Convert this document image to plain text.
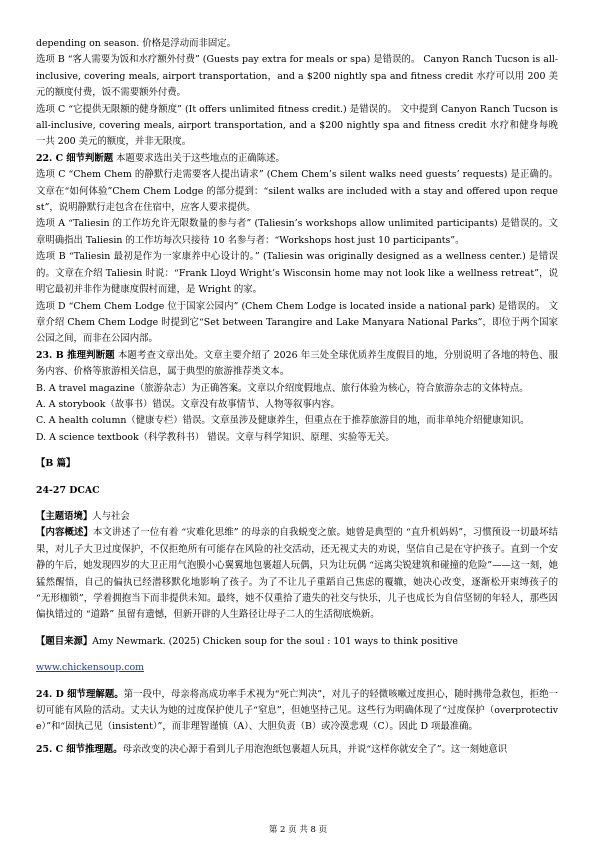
depending on season. 价格是浮动而非固定。

选项 B “客人需要为饭和水疗额外付费” (Guests pay extra for meals or spa) 是错误的。 Canyon Ranch Tucson is all-inclusive, covering meals, airport transportation，and a $200 nightly spa and fitness credit 水疗可以用 200 美元的额度付费，饭不需要额外付费。

选项 C “它提供无限额的健身额度” (It offers unlimited fitness credit.) 是错误的。 文中提到 Canyon Ranch Tucson is all-inclusive, covering meals, airport transportation, and a $200 nightly spa and fitness credit 水疗和健身每晚一共 200 美元的额度，并非无限度。

22. C 细节判断题 本题要求选出关于这些地点的正确陈述。

选项 C “Chem Chem 的静默行走需要客人提出请求” (Chem Chem’s silent walks need guests’ requests) 是正确的。 文章在“如何体验”Chem Chem Lodge 的部分提到：“silent walks are included with a stay and offered upon request”，说明静默行走包含在住宿中，应客人要求提供。

选项 A “Taliesin 的工作坊允许无限数量的参与者” (Taliesin’s workshops allow unlimited participants) 是错误的。文章明确指出 Taliesin 的工作坊每次只接待 10 名参与者：“Workshops host just 10 participants”。

选项 B “Taliesin 最初是作为一家康养中心设计的。” (Taliesin was originally designed as a wellness center.) 是错误的。文章在介绍 Taliesin 时说：“Frank Lloyd Wright’s Wisconsin home may not look like a wellness retreat”，说明它最初并非作为健康度假村而建，是 Wright 的家。

选项 D “Chem Chem Lodge 位于国家公园内” (Chem Chem Lodge is located inside a national park) 是错误的。 文章介绍 Chem Chem Lodge 时提到它“Set between Tarangire and Lake Manyara National Parks”，即位于两个国家公园之间，而非在公园内部。

23. B 推理判断题 本题考查文章出处。文章主要介绍了 2026 年三处全球优质养生度假目的地，分别说明了各地的特色、服务内容、价格等旅游相关信息，属于典型的旅游推荐类文本。

B. A travel magazine（旅游杂志）为正确答案。文章以介绍度假地点、旅行体验为核心，符合旅游杂志的文体特点。

A. A storybook（故事书）错误。文章没有故事情节、人物等叙事内容。

C. A health column（健康专栏）错误。文章虽涉及健康养生，但重点在于推荐旅游目的地，而非单纯介绍健康知识。

D. A science textbook（科学教科书） 错误。文章与科学知识、原理、实验等无关。

【B 篇】

24-27 DCAC

【主题语境】人与社会

【内容概述】本文讲述了一位有着 “灾难化思维” 的母亲的自我蜕变之旅。她曾是典型的 “直升机妈妈”，习惯预设一切最坏结果，对儿子大卫过度保护，不仅拒绝所有可能存在风险的社交活动，还无视丈夫的劝说，坚信自己是在守护孩子。直到一个安静的午后，她发现四岁的大卫正用气泡膜小心翼翼地包裹超人玩偶，只为让玩偶 “远离尖锐建筑和碰撞的危险”——这一刻，她猛然醒悟，自己的偏执已经潜移默化地影响了孩子。为了不让儿子重蹈自己焦虑的覆辙，她决心改变，逐渐松开束缚孩子的 “无形枷锁”，学着拥抱当下而非提供未知。最终，她不仅重拾了遗失的社交与快乐，儿子也成长为自信坚韧的年轻人，那些因偏执错过的 “道路” 虽留有遗憾，但新开辟的人生路径让母子二人的生活彻底焕新。

【题目来源】Amy Newmark. (2025) Chicken soup for the soul : 101 ways to think positive

www.chickensoup.com

24. D 细节理解题。第一段中，母亲将高成功率手术视为“死亡判决”，对儿子的轻微咳嗽过度担心，随时携带急救包，拒绝一切可能有风险的活动。丈夫认为她的过度保护使儿子“窒息”，但她坚持己见。这些行为明确体现了“过度保护（overprotective）”和“固执己见（insistent）”，而非理智谨慎（A）、大胆负责（B）或冷漠悲观（C）。因此 D 项最准确。

25. C 细节推理题。母亲改变的决心源于看到儿子用泡泡纸包裹超人玩具，并说“这样你就安全了”。这一刻她意识

第 2 页 共 8 页
